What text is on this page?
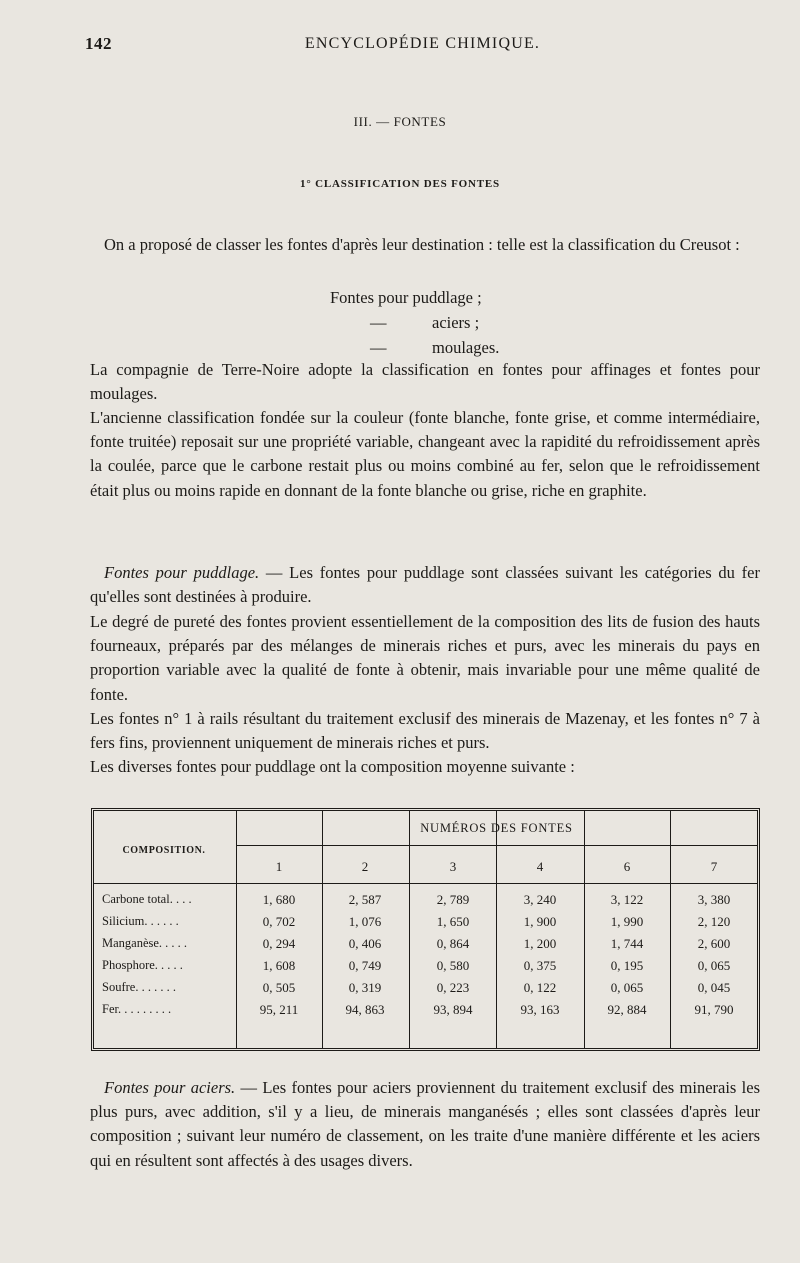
142	ENCYCLOPÉDIE CHIMIQUE.
III. — FONTES
1° CLASSIFICATION DES FONTES

On a proposé de classer les fontes d'après leur destination : telle est la classification du Creusot :

Fontes pour puddlage ;
—	aciers ;
—	moulages.

La compagnie de Terre-Noire adopte la classification en fontes pour affinages et fontes pour moulages.

L'ancienne classification fondée sur la couleur (fonte blanche, fonte grise, et comme intermédiaire, fonte truitée) reposait sur une propriété variable, changeant avec la rapidité du refroidissement après la coulée, parce que le carbone restait plus ou moins combiné au fer, selon que le refroidissement était plus ou moins rapide en donnant de la fonte blanche ou grise, riche en graphite.

Fontes pour puddlage. — Les fontes pour puddlage sont classées suivant les catégories du fer qu'elles sont destinées à produire.

Le degré de pureté des fontes provient essentiellement de la composition des lits de fusion des hauts fourneaux, préparés par des mélanges de minerais riches et purs, avec les minerais du pays en proportion variable avec la qualité de fonte à obtenir, mais invariable pour une même qualité de fonte.

Les fontes n° 1 à rails résultant du traitement exclusif des minerais de Mazenay, et les fontes n° 7 à fers fins, proviennent uniquement de minerais riches et purs.

Les diverses fontes pour puddlage ont la composition moyenne suivante :

NUMÉROS DES FONTES
COMPOSITION.
1	2	3	4	6	7
Carbone total. . . .	1, 680	2, 587	2, 789	3, 240	3, 122	3, 380
Silicium. . . . . .	0, 702	1, 076	1, 650	1, 900	1, 990	2, 120
Manganèse. . . . .	0, 294	0, 406	0, 864	1, 200	1, 744	2, 600
Phosphore. . . . .	1, 608	0, 749	0, 580	0, 375	0, 195	0, 065
Soufre. . . . . . .	0, 505	0, 319	0, 223	0, 122	0, 065	0, 045
Fer. . . . . . . . .	95, 211	94, 863	93, 894	93, 163	92, 884	91, 790

Fontes pour aciers. — Les fontes pour aciers proviennent du traitement exclusif des minerais les plus purs, avec addition, s'il y a lieu, de minerais manganésés ; elles sont classées d'après leur composition ; suivant leur numéro de classement, on les traite d'une manière différente et les aciers qui en résultent sont affectés à des usages divers.
